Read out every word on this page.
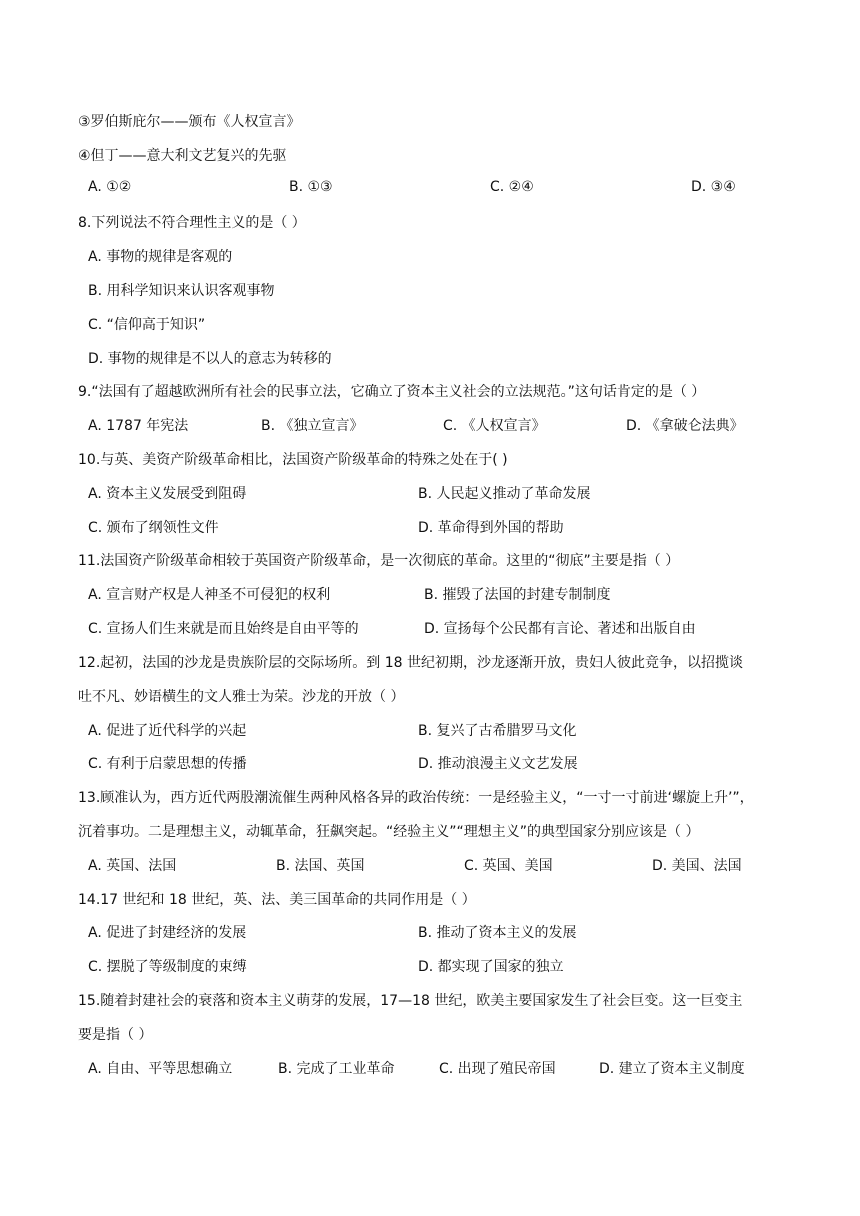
③罗伯斯庇尔——颁布《人权宣言》
④但丁——意大利文艺复兴的先驱
A. ①②	B. ①③	C. ②④	D. ③④
8.下列说法不符合理性主义的是（ ）
A. 事物的规律是客观的
B. 用科学知识来认识客观事物
C. “信仰高于知识”
D. 事物的规律是不以人的意志为转移的
9.“法国有了超越欧洲所有社会的民事立法，它确立了资本主义社会的立法规范。”这句话肯定的是（ ）
A. 1787 年宪法	B. 《独立宣言》	C. 《人权宣言》	D. 《拿破仑法典》
10.与英、美资产阶级革命相比，法国资产阶级革命的特殊之处在于( )
A. 资本主义发展受到阻碍	B. 人民起义推动了革命发展
C. 颁布了纲领性文件	D. 革命得到外国的帮助
11.法国资产阶级革命相较于英国资产阶级革命，是一次彻底的革命。这里的“彻底”主要是指（ ）
A. 宣言财产权是人神圣不可侵犯的权利	B. 摧毁了法国的封建专制制度
C. 宣扬人们生来就是而且始终是自由平等的	D. 宣扬每个公民都有言论、著述和出版自由
12.起初，法国的沙龙是贵族阶层的交际场所。到 18 世纪初期，沙龙逐渐开放，贵妇人彼此竞争，以招揽谈
吐不凡、妙语横生的文人雅士为荣。沙龙的开放（ ）
A. 促进了近代科学的兴起	B. 复兴了古希腊罗马文化
C. 有利于启蒙思想的传播	D. 推动浪漫主义文艺发展
13.顾准认为，西方近代两股潮流催生两种风格各异的政治传统：一是经验主义，“一寸一寸前进‘螺旋上升’”，
沉着事功。二是理想主义，动辄革命，狂飙突起。“经验主义”“理想主义”的典型国家分别应该是（ ）
A. 英国、法国	B. 法国、英国	C. 英国、美国	D. 美国、法国
14.17 世纪和 18 世纪，英、法、美三国革命的共同作用是（ ）
A. 促进了封建经济的发展	B. 推动了资本主义的发展
C. 摆脱了等级制度的束缚	D. 都实现了国家的独立
15.随着封建社会的衰落和资本主义萌芽的发展，17—18 世纪，欧美主要国家发生了社会巨变。这一巨变主
要是指（ ）
A. 自由、平等思想确立	B. 完成了工业革命	C. 出现了殖民帝国	D. 建立了资本主义制度
